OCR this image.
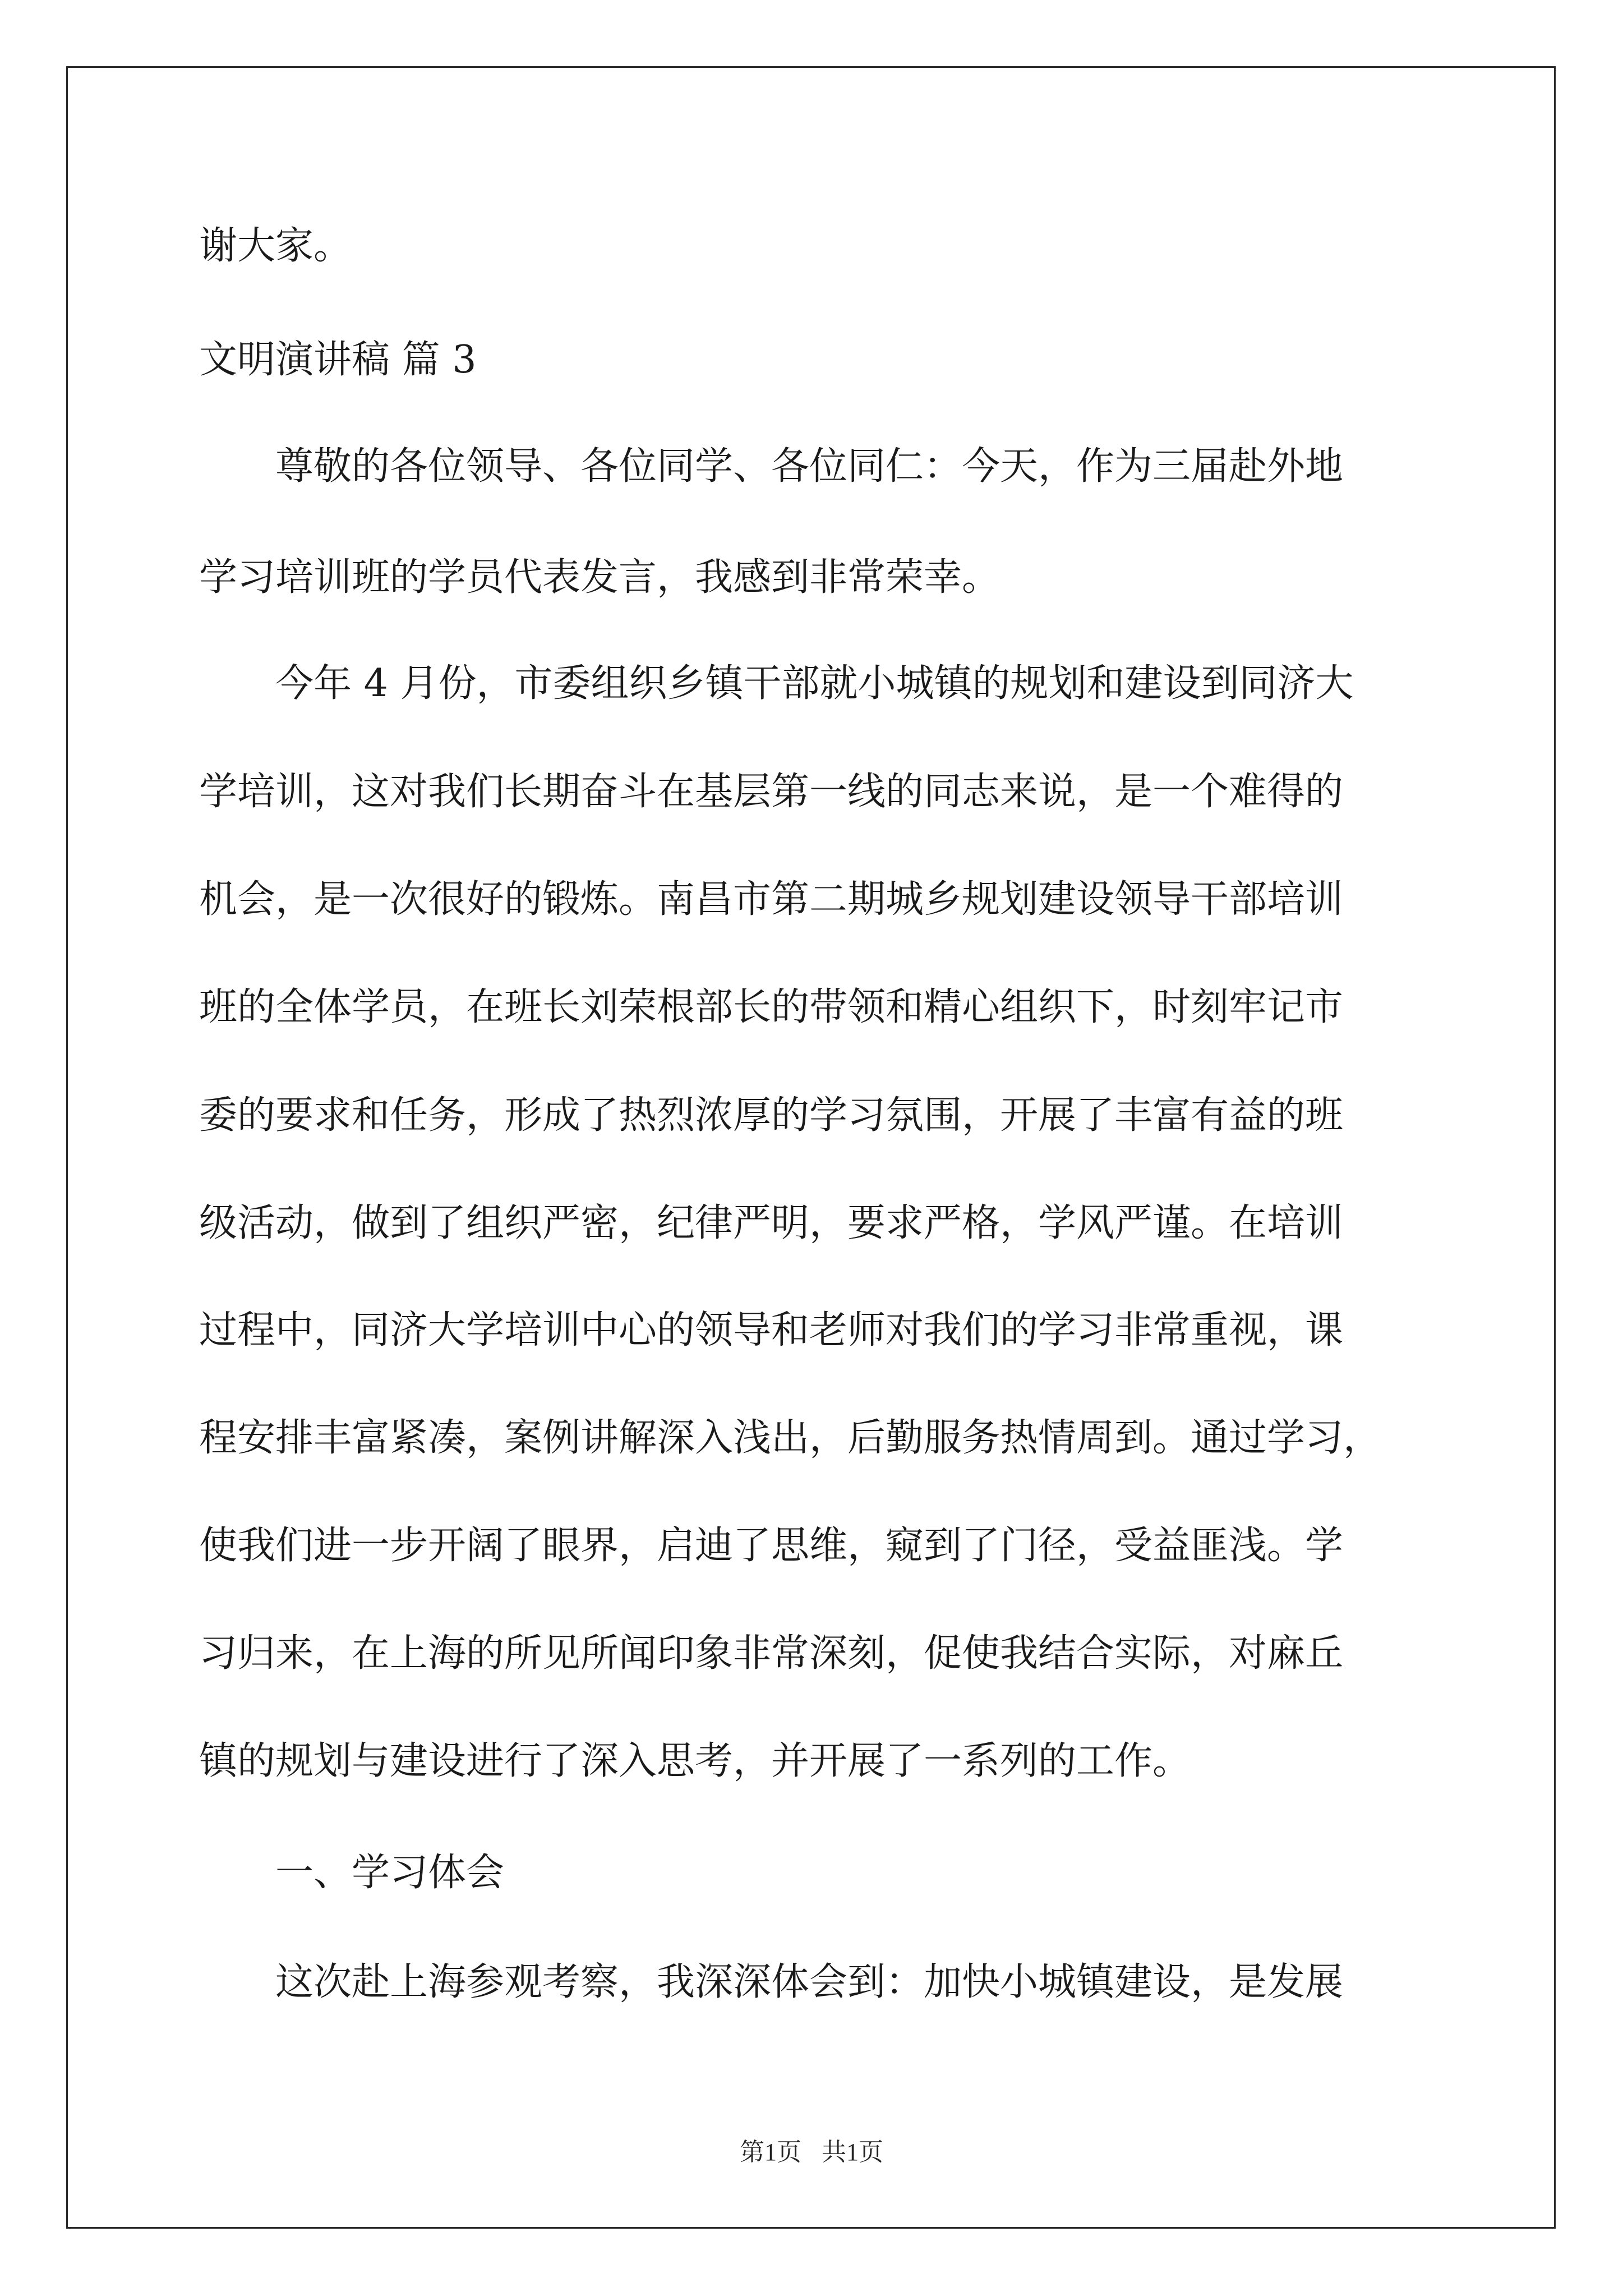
谢大家。
文明演讲稿 篇 3
　　尊敬的各位领导、各位同学、各位同仁：今天，作为三届赴外地
学习培训班的学员代表发言，我感到非常荣幸。
　　今年 4 月份，市委组织乡镇干部就小城镇的规划和建设到同济大
学培训，这对我们长期奋斗在基层第一线的同志来说，是一个难得的
机会，是一次很好的锻炼。南昌市第二期城乡规划建设领导干部培训
班的全体学员，在班长刘荣根部长的带领和精心组织下，时刻牢记市
委的要求和任务，形成了热烈浓厚的学习氛围，开展了丰富有益的班
级活动，做到了组织严密，纪律严明，要求严格，学风严谨。在培训
过程中，同济大学培训中心的领导和老师对我们的学习非常重视，课
程安排丰富紧凑，案例讲解深入浅出，后勤服务热情周到。通过学习，
使我们进一步开阔了眼界，启迪了思维，窥到了门径，受益匪浅。学
习归来，在上海的所见所闻印象非常深刻，促使我结合实际，对麻丘
镇的规划与建设进行了深入思考，并开展了一系列的工作。
　　一、学习体会
　　这次赴上海参观考察，我深深体会到：加快小城镇建设，是发展
第1页 共1页
